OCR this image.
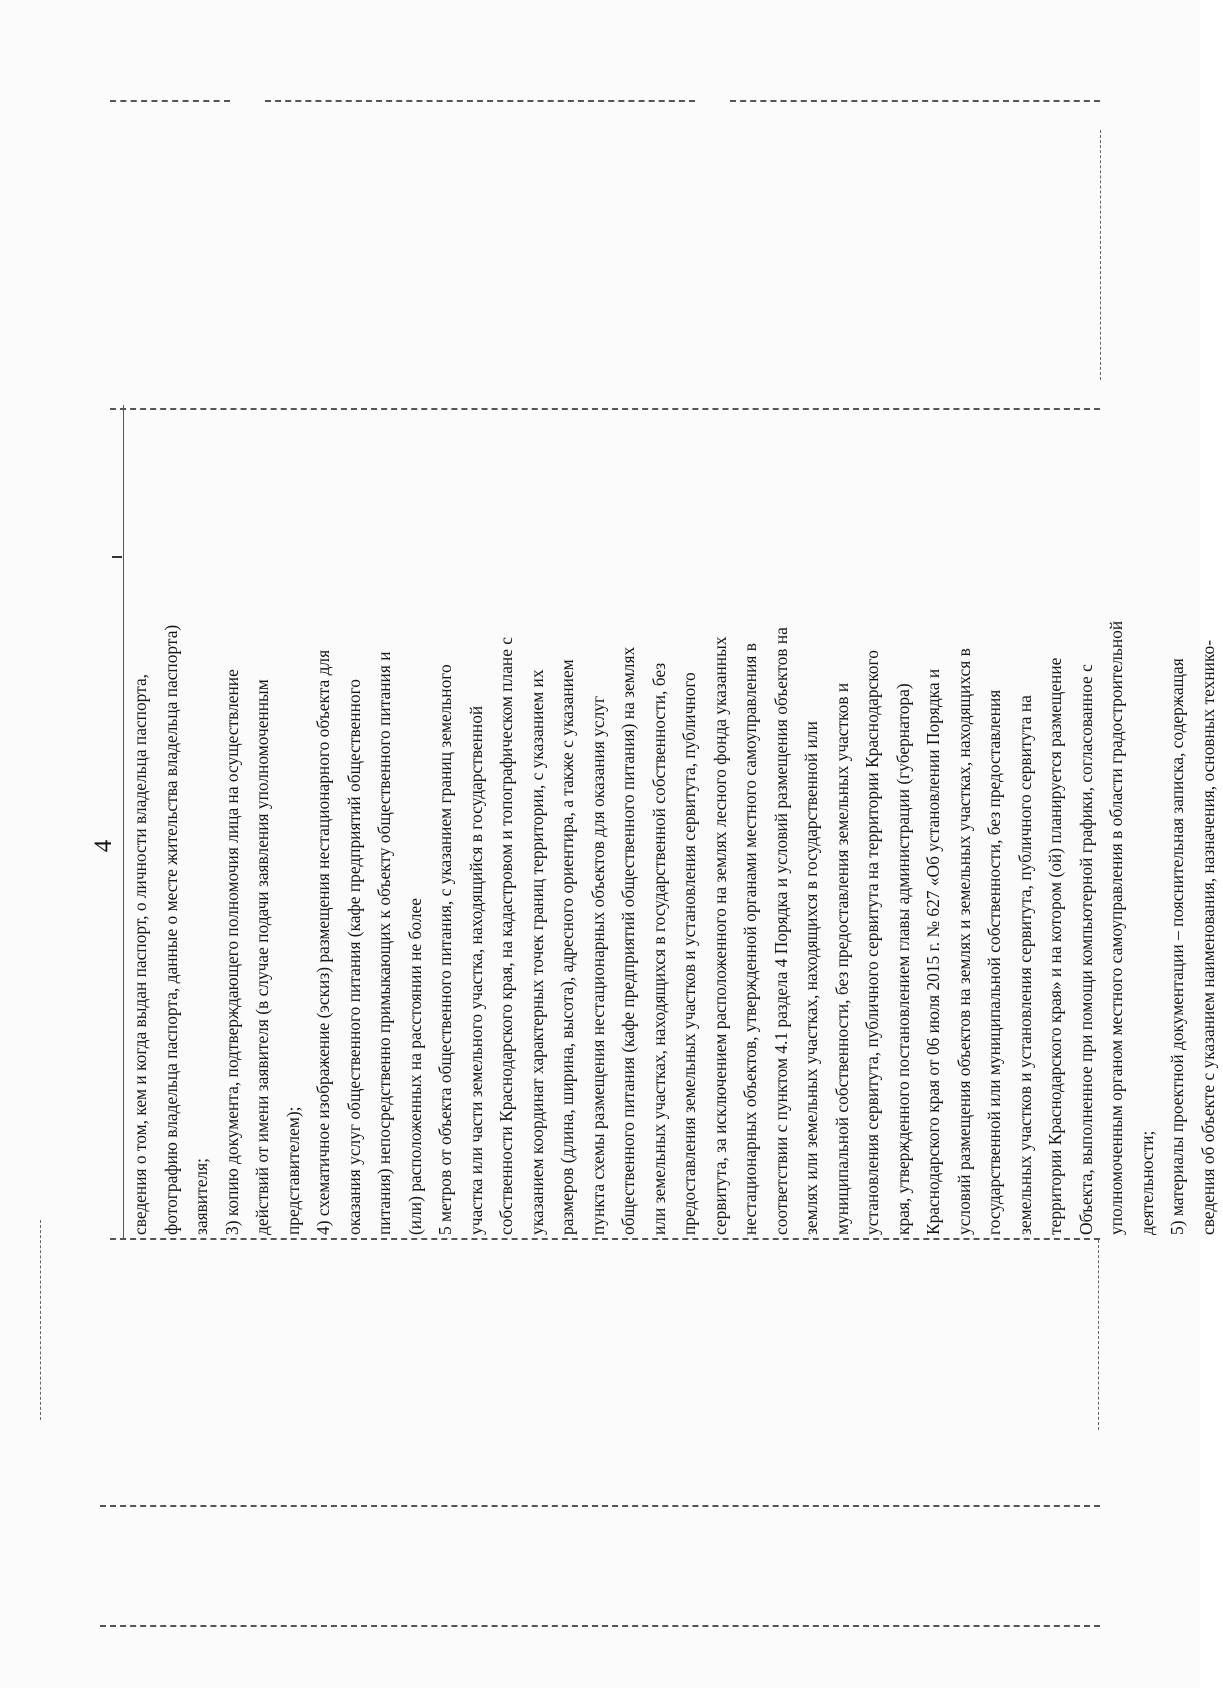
4 сведения о том, кем и когда выдан паспорт, о личности владельца паспорта, фотографию владельца паспорта, данные о месте жительства владельца паспорта) заявителя; 3) копию документа, подтверждающего полномочия лица на осуществление действий от имени заявителя (в случае подачи заявления уполномоченным представителем); 4) схематичное изображение (эскиз) размещения нестационарного объекта для оказания услуг общественного питания (кафе предприятий общественного питания) непосредственно примыкающих к объекту общественного питания и (или) расположенных на расстоянии не более 5 метров от объекта общественного питания, с указанием границ земельного участка или части земельного участка, находящийся в государственной собственности Краснодарского края, на кадастровом и топографическом плане с указанием координат характерных точек границ территории, с указанием их размеров (длина, ширина, высота), адресного ориентира, а также с указанием пункта схемы размещения нестационарных объектов для оказания услуг общественного питания (кафе предприятий общественного питания) на землях или земельных участках, находящихся в государственной собственности, без предоставления земельных участков и установления сервитута, публичного сервитута, за исключением расположенного на землях лесного фонда указанных нестационарных объектов, утвержденной органами местного самоуправления в соответствии с пунктом 4.1 раздела 4 Порядка и условий размещения объектов на землях или земельных участках, находящихся в государственной или муниципальной собственности, без предоставления земельных участков и установления сервитута, публичного сервитута на территории Краснодарского края, утвержденного постановлением главы администрации (губернатора) Краснодарского края от 06 июля 2015 г. № 627 «Об установлении Порядка и условий размещения объектов на землях и земельных участках, находящихся в государственной или муниципальной собственности, без предоставления земельных участков и установления сервитута, публичного сервитута на территории Краснодарского края» и на котором (ой) планируется размещение Объекта, выполненное при помощи компьютерной графики, согласованное с уполномоченным органом местного самоуправления в области градостроительной деятельности; 5) материалы проектной документации – пояснительная записка, содержащая сведения об объекте с указанием наименования, назначения, основных технико-
